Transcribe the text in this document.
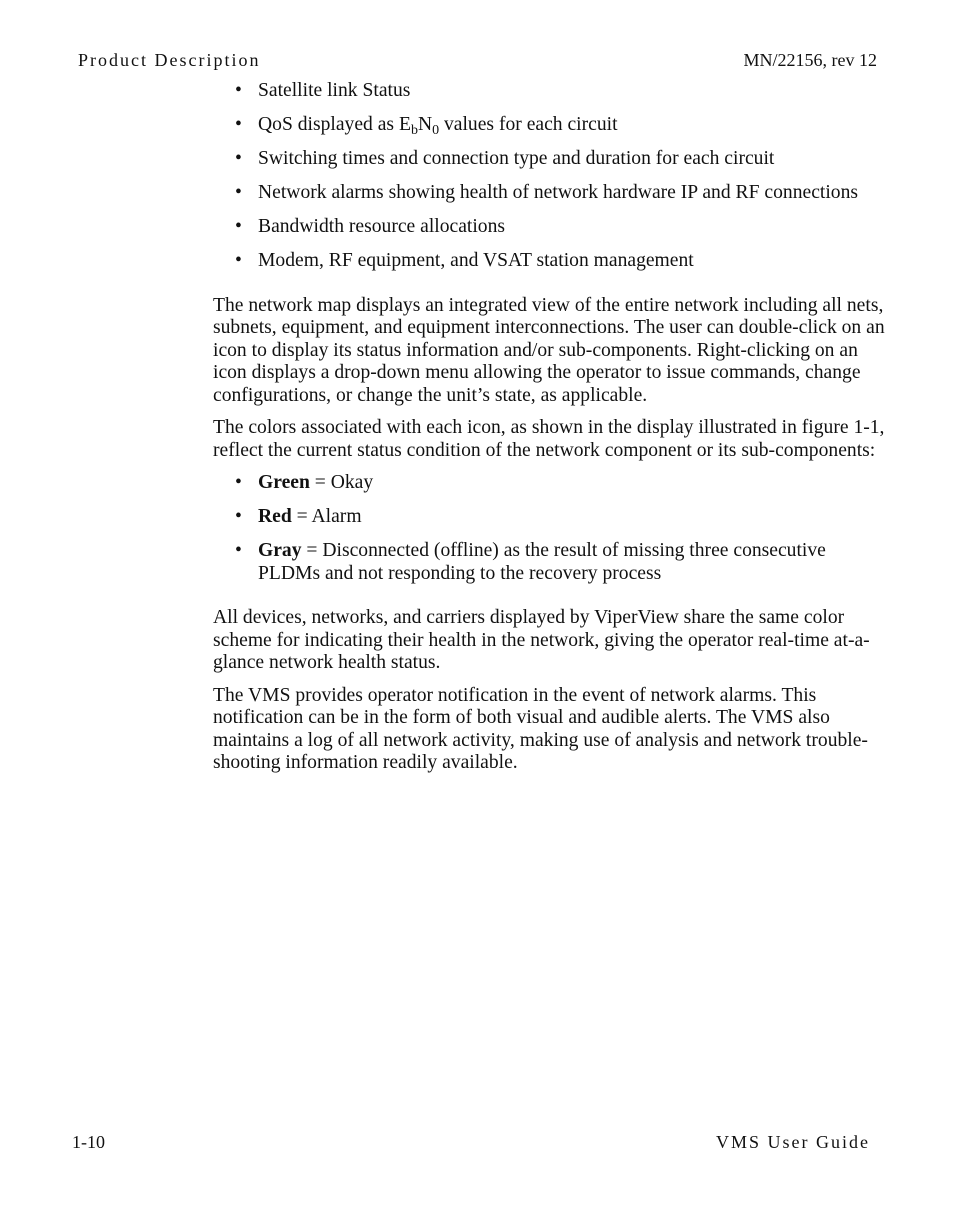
Product Description	MN/22156, rev 12
• Satellite link Status
• QoS displayed as $E_bN_0$ values for each circuit
• Switching times and connection type and duration for each circuit
• Network alarms showing health of network hardware IP and RF connections
• Bandwidth resource allocations
• Modem, RF equipment, and VSAT station management

The network map displays an integrated view of the entire network including all nets, subnets, equipment, and equipment interconnections. The user can double-click on an icon to display its status information and/or sub-components. Right-clicking on an icon displays a drop-down menu allowing the operator to issue commands, change configurations, or change the unit’s state, as applicable.

The colors associated with each icon, as shown in the display illustrated in figure 1-1, reflect the current status condition of the network component or its sub-components:

• Green = Okay
• Red = Alarm
• Gray = Disconnected (offline) as the result of missing three consecutive PLDMs and not responding to the recovery process

All devices, networks, and carriers displayed by ViperView share the same color scheme for indicating their health in the network, giving the operator real-time at-a-glance network health status.

The VMS provides operator notification in the event of network alarms. This notification can be in the form of both visual and audible alerts. The VMS also maintains a log of all network activity, making use of analysis and network trouble-shooting information readily available.

1-10	VMS User Guide
